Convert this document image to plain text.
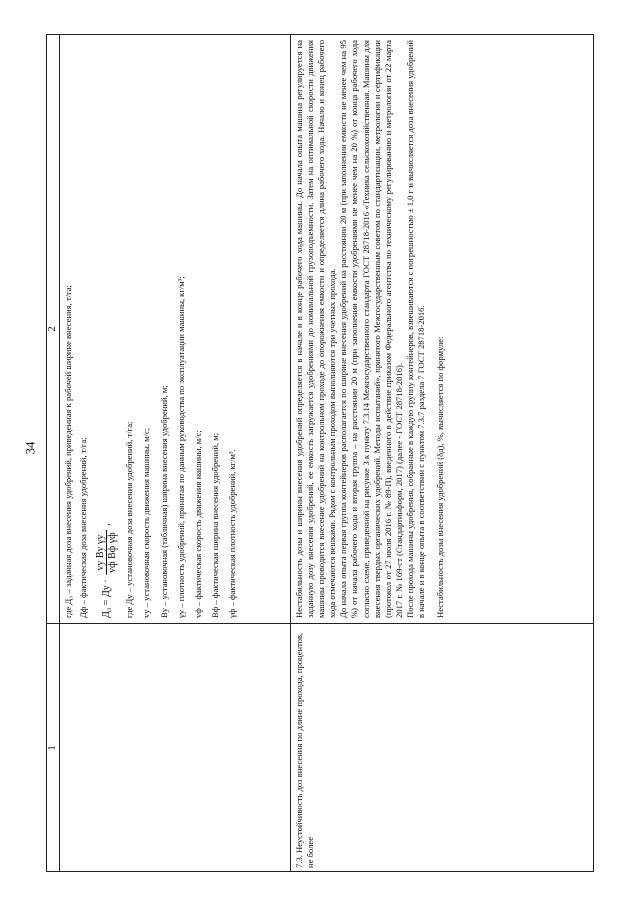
34
1
2 где Д₃ – заданная доза внесения удобрений, приведенная к рабочей ширине внесения, т/га; Дф – фактическая доза внесения удобрений, т/га;	Д₃ = Ду ·
vу Bу γу vф Bф γф
,	где Ду – установочная доза внесения удобрений, т/га; vу – установочная скорость движения машины, м/с; Bу – установочная (табличная) ширина внесения удобрений, м; γу – плотность удобрений, принятая по данным руководства по эксплуатации машины, кг/м³; vф – фактическая скорость движения машины, м/с; Bф – фактическая ширина внесения удобрений, м; γф – фактическая плотность удобрений, кг/м³.

7.3. Неустойчивость доз внесения по длине прохода, процентов, не более

Нестабильность дозы и ширины внесения удобрений определяется в начале и в конце рабочего хода машины. До начала опыта машина регулируется на заданную дозу внесения удобрений, ее емкость загружается удобрениями до номинальной грузоподъемности. Затем на оптимальной скорости движения машины проводится внесение удобрений на контрольном проходе до опорожнения емкости и определяется длина рабочего хода. Начало и конец рабочего хода отмечаются вешками. Рядом с контрольным проходом выполняются три учетных прохода. До начала опыта первая группа контейнеров располагается по ширине внесения удобрений на расстоянии 20 м (при заполнении емкости не менее чем на 95 %) от начала рабочего хода и вторая группа – на расстоянии 20 м (при заполнении емкости удобрениями не менее чем на 20 %) от конца рабочего хода согласно схеме, приведенной на рисунке 3 к пункту 7.3.14 Межгосударственного стандарта ГОСТ 28718-2016 «Техника сельскохозяйственная. Машины для внесения твердых органических удобрений. Методы испытаний», принятого Межгосударственным советом по стандартизации, метрологии и сертификации (протокол от 27 июля 2016 г. № 89-П), введенного в действие приказом Федерального агентства по техническому регулированию и метрологии от 22 марта 2017 г. № 169-ст (Стандартинформ, 2017) (далее - ГОСТ 28718-2016). После прохода машины удобрения, собранные в каждую группу контейнеров, взвешиваются с погрешностью ± 1,0 г и вычисляется доза внесения удобрений в начале и в конце опыта в соответствии с пунктом 7.3.7 раздела 7 ГОСТ 28718-2016. Нестабильность дозы внесения удобрений (δд), %, вычисляется по формуле:
